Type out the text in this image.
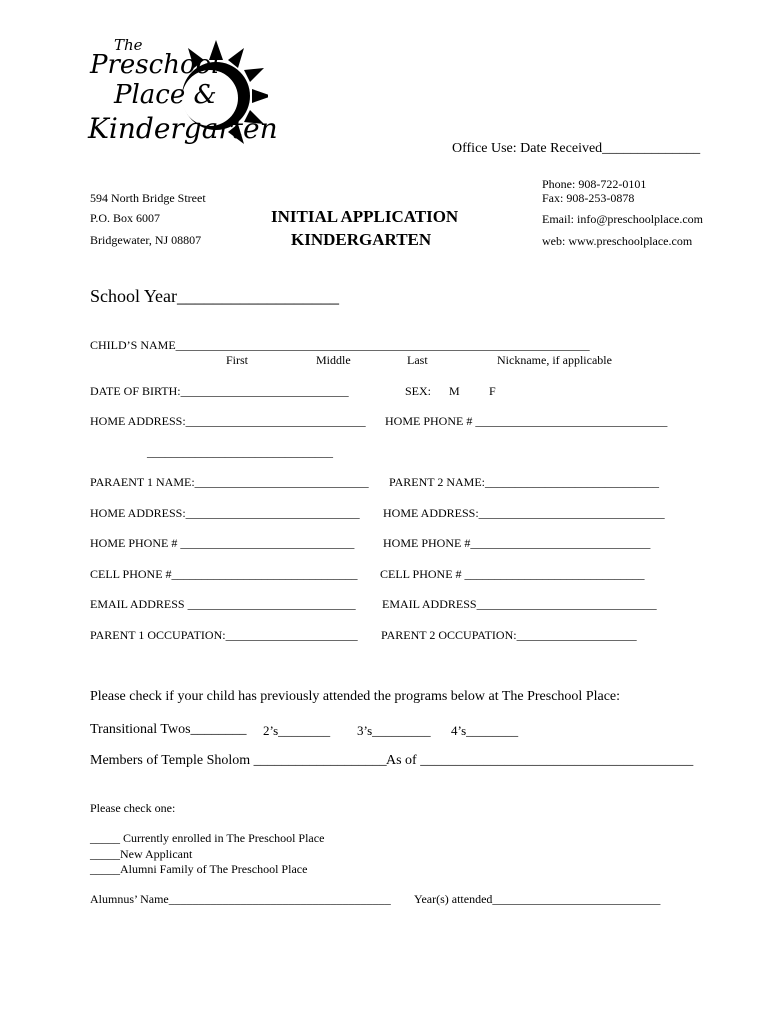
The
Preschool
Place &
Kindergarten
Office Use: Date Received______________
594 North Bridge Street
P.O. Box 6007
Bridgewater, NJ 08807
INITIAL APPLICATION
KINDERGARTEN
Phone: 908-722-0101
Fax: 908-253-0878
Email: info@preschoolplace.com
web: www.preschoolplace.com
School Year__________________
CHILD’S NAME_____________________________________________________________________
First	Middle	Last	Nickname, if applicable
DATE OF BIRTH:____________________________	SEX: M F
HOME ADDRESS:______________________________ HOME PHONE # ________________________________
_______________________________
PARAENT 1 NAME:_____________________________ PARENT 2 NAME:_____________________________
HOME ADDRESS:_____________________________ HOME ADDRESS:_______________________________
HOME PHONE # _____________________________ HOME PHONE #______________________________
CELL PHONE #_______________________________ CELL PHONE # ______________________________
EMAIL ADDRESS ____________________________ EMAIL ADDRESS______________________________
PARENT 1 OCCUPATION:______________________ PARENT 2 OCCUPATION:____________________
Please check if your child has previously attended the programs below at The Preschool Place:
Transitional Twos________ 2’s________ 3’s_________ 4’s________
Members of Temple Sholom ___________________ As of _______________________________________
Please check one:
_____ Currently enrolled in The Preschool Place
_____New Applicant
_____Alumni Family of The Preschool Place
Alumnus’ Name_____________________________________ Year(s) attended____________________________
